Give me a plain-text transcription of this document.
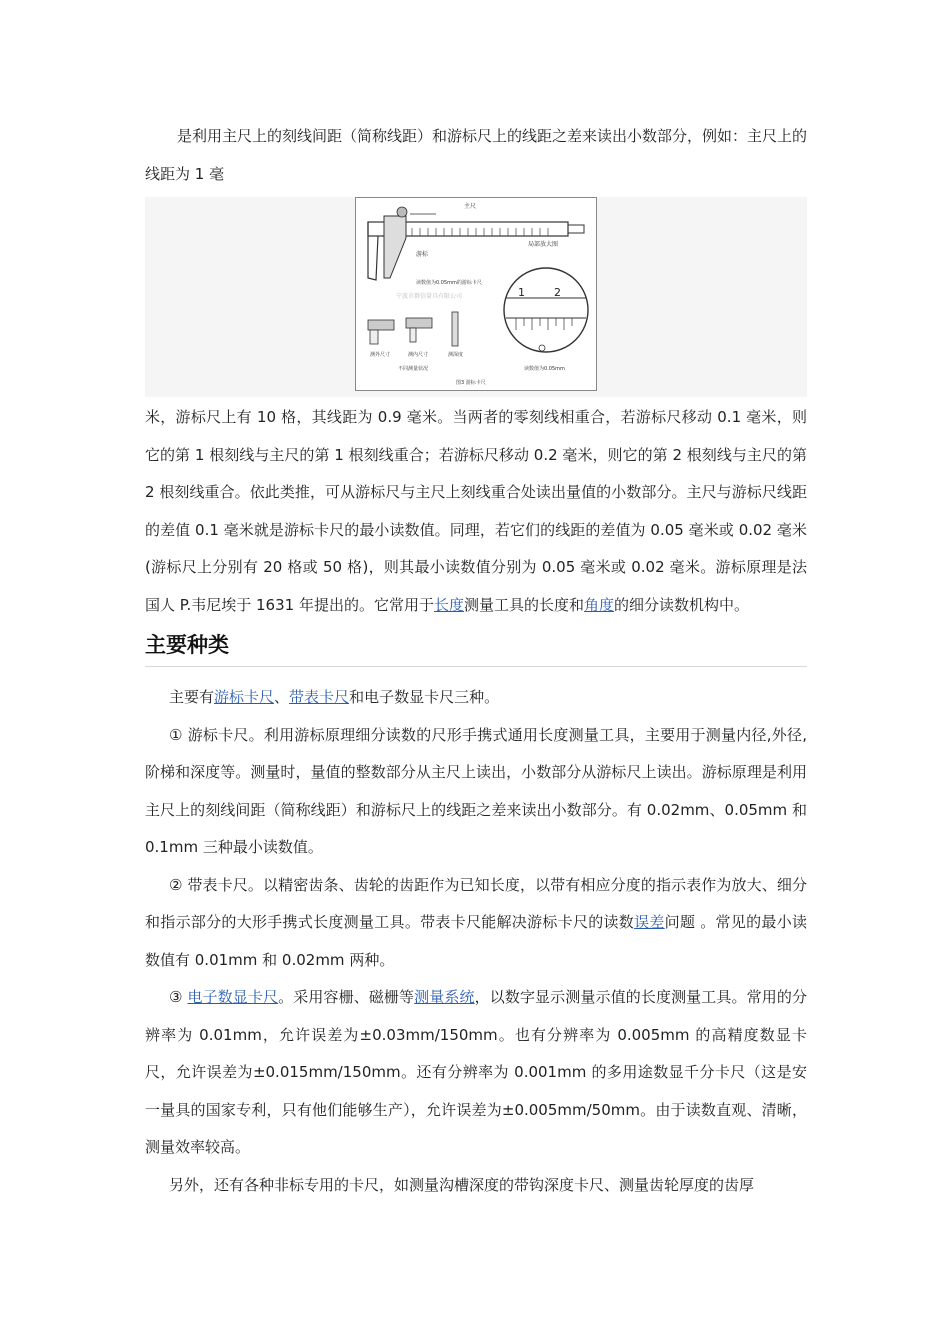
是利用主尺上的刻线间距（简称线距）和游标尺上的线距之差来读出小数部分，例如：主尺上的线距为 1 毫

主尺
游标
局部放大图
读数值为0.05mm的游标卡尺
宁波市群信量具有限公司	1	2
测外尺寸	测内尺寸	测深度
不同测量状况
图3 游标卡尺
读数值为0.05mm

米，游标尺上有 10 格，其线距为 0.9 毫米。当两者的零刻线相重合，若游标尺移动 0.1 毫米，则它的第 1 根刻线与主尺的第 1 根刻线重合；若游标尺移动 0.2 毫米，则它的第 2 根刻线与主尺的第 2 根刻线重合。依此类推，可从游标尺与主尺上刻线重合处读出量值的小数部分。主尺与游标尺线距的差值 0.1 毫米就是游标卡尺的最小读数值。同理，若它们的线距的差值为 0.05 毫米或 0.02 毫米(游标尺上分别有 20 格或 50 格)，则其最小读数值分别为 0.05 毫米或 0.02 毫米。游标原理是法国人 P.韦尼埃于 1631 年提出的。它常用于长度测量工具的长度和角度的细分读数机构中。

主要种类

主要有游标卡尺、带表卡尺和电子数显卡尺三种。

① 游标卡尺。利用游标原理细分读数的尺形手携式通用长度测量工具，主要用于测量内径,外径,阶梯和深度等。测量时，量值的整数部分从主尺上读出，小数部分从游标尺上读出。游标原理是利用主尺上的刻线间距（简称线距）和游标尺上的线距之差来读出小数部分。有 0.02mm、0.05mm 和 0.1mm 三种最小读数值。

② 带表卡尺。以精密齿条、齿轮的齿距作为已知长度，以带有相应分度的指示表作为放大、细分和指示部分的大形手携式长度测量工具。带表卡尺能解决游标卡尺的读数误差问题 。常见的最小读数值有 0.01mm 和 0.02mm 两种。

③ 电子数显卡尺。采用容栅、磁栅等测量系统，以数字显示测量示值的长度测量工具。常用的分辨率为 0.01mm，允许误差为±0.03mm/150mm。也有分辨率为 0.005mm 的高精度数显卡尺，允许误差为±0.015mm/150mm。还有分辨率为 0.001mm 的多用途数显千分卡尺（这是安一量具的国家专利，只有他们能够生产），允许误差为±0.005mm/50mm。由于读数直观、清晰，测量效率较高。

另外，还有各种非标专用的卡尺，如测量沟槽深度的带钩深度卡尺、测量齿轮厚度的齿厚
